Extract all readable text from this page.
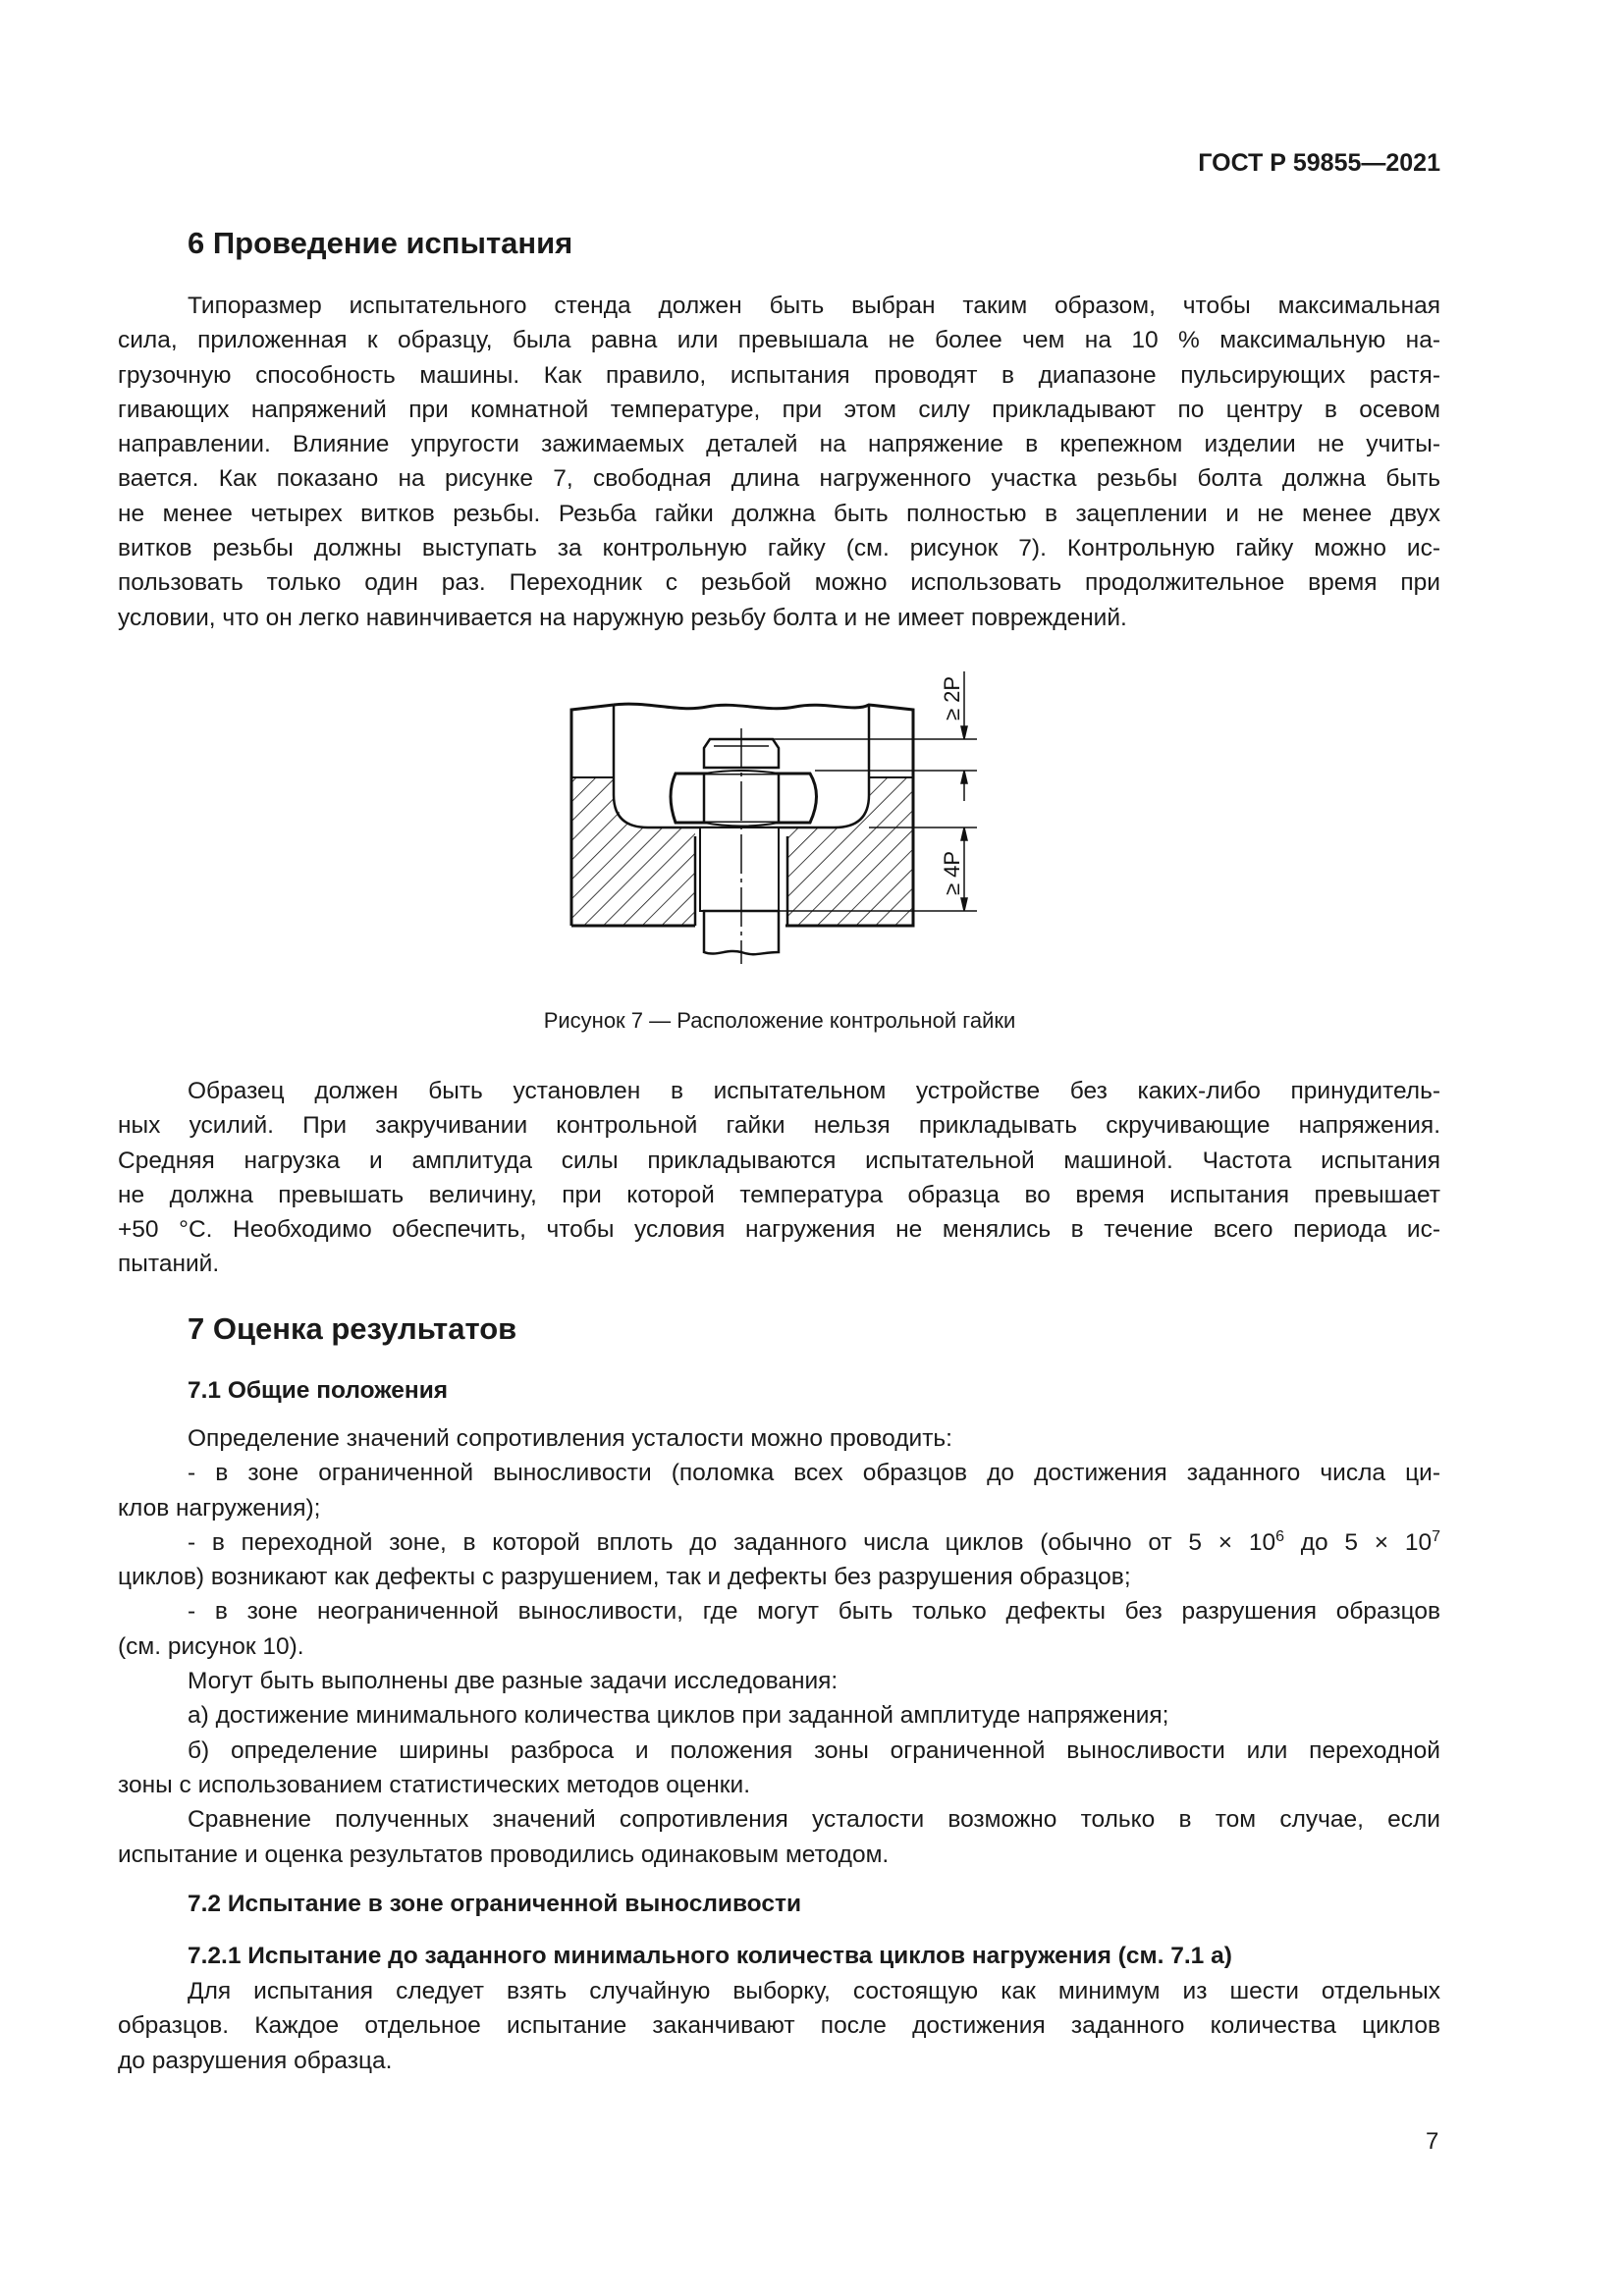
ГОСТ Р 59855—2021
6 Проведение испытания
Типоразмер испытательного стенда должен быть выбран таким образом, чтобы максимальная
сила, приложенная к образцу, была равна или превышала не более чем на 10 % максимальную на-
грузочную способность машины. Как правило, испытания проводят в диапазоне пульсирующих растя-
гивающих напряжений при комнатной температуре, при этом силу прикладывают по центру в осевом
направлении. Влияние упругости зажимаемых деталей на напряжение в крепежном изделии не учиты-
вается. Как показано на рисунке 7, свободная длина нагруженного участка резьбы болта должна быть
не менее четырех витков резьбы. Резьба гайки должна быть полностью в зацеплении и не менее двух
витков резьбы должны выступать за контрольную гайку (см. рисунок 7). Контрольную гайку можно ис-
пользовать только один раз. Переходник с резьбой можно использовать продолжительное время при
условии, что он легко навинчивается на наружную резьбу болта и не имеет повреждений.
≥ 2P
≥ 4P
Рисунок 7 — Расположение контрольной гайки
Образец должен быть установлен в испытательном устройстве без каких-либо принудитель-
ных усилий. При закручивании контрольной гайки нельзя прикладывать скручивающие напряжения.
Средняя нагрузка и амплитуда силы прикладываются испытательной машиной. Частота испытания
не должна превышать величину, при которой температура образца во время испытания превышает
+50 °C. Необходимо обеспечить, чтобы условия нагружения не менялись в течение всего периода ис-
пытаний.
7 Оценка результатов
7.1 Общие положения
Определение значений сопротивления усталости можно проводить:
- в зоне ограниченной выносливости (поломка всех образцов до достижения заданного числа ци-
клов нагружения);
- в переходной зоне, в которой вплоть до заданного числа циклов (обычно от $5 \times 10^6$ до $5 \times 10^7$
циклов) возникают как дефекты с разрушением, так и дефекты без разрушения образцов;
- в зоне неограниченной выносливости, где могут быть только дефекты без разрушения образцов
(см. рисунок 10).
Могут быть выполнены две разные задачи исследования:
а) достижение минимального количества циклов при заданной амплитуде напряжения;
б) определение ширины разброса и положения зоны ограниченной выносливости или переходной
зоны с использованием статистических методов оценки.
Сравнение полученных значений сопротивления усталости возможно только в том случае, если
испытание и оценка результатов проводились одинаковым методом.
7.2 Испытание в зоне ограниченной выносливости
7.2.1 Испытание до заданного минимального количества циклов нагружения (см. 7.1 а)
Для испытания следует взять случайную выборку, состоящую как минимум из шести отдельных
образцов. Каждое отдельное испытание заканчивают после достижения заданного количества циклов
до разрушения образца.
7
